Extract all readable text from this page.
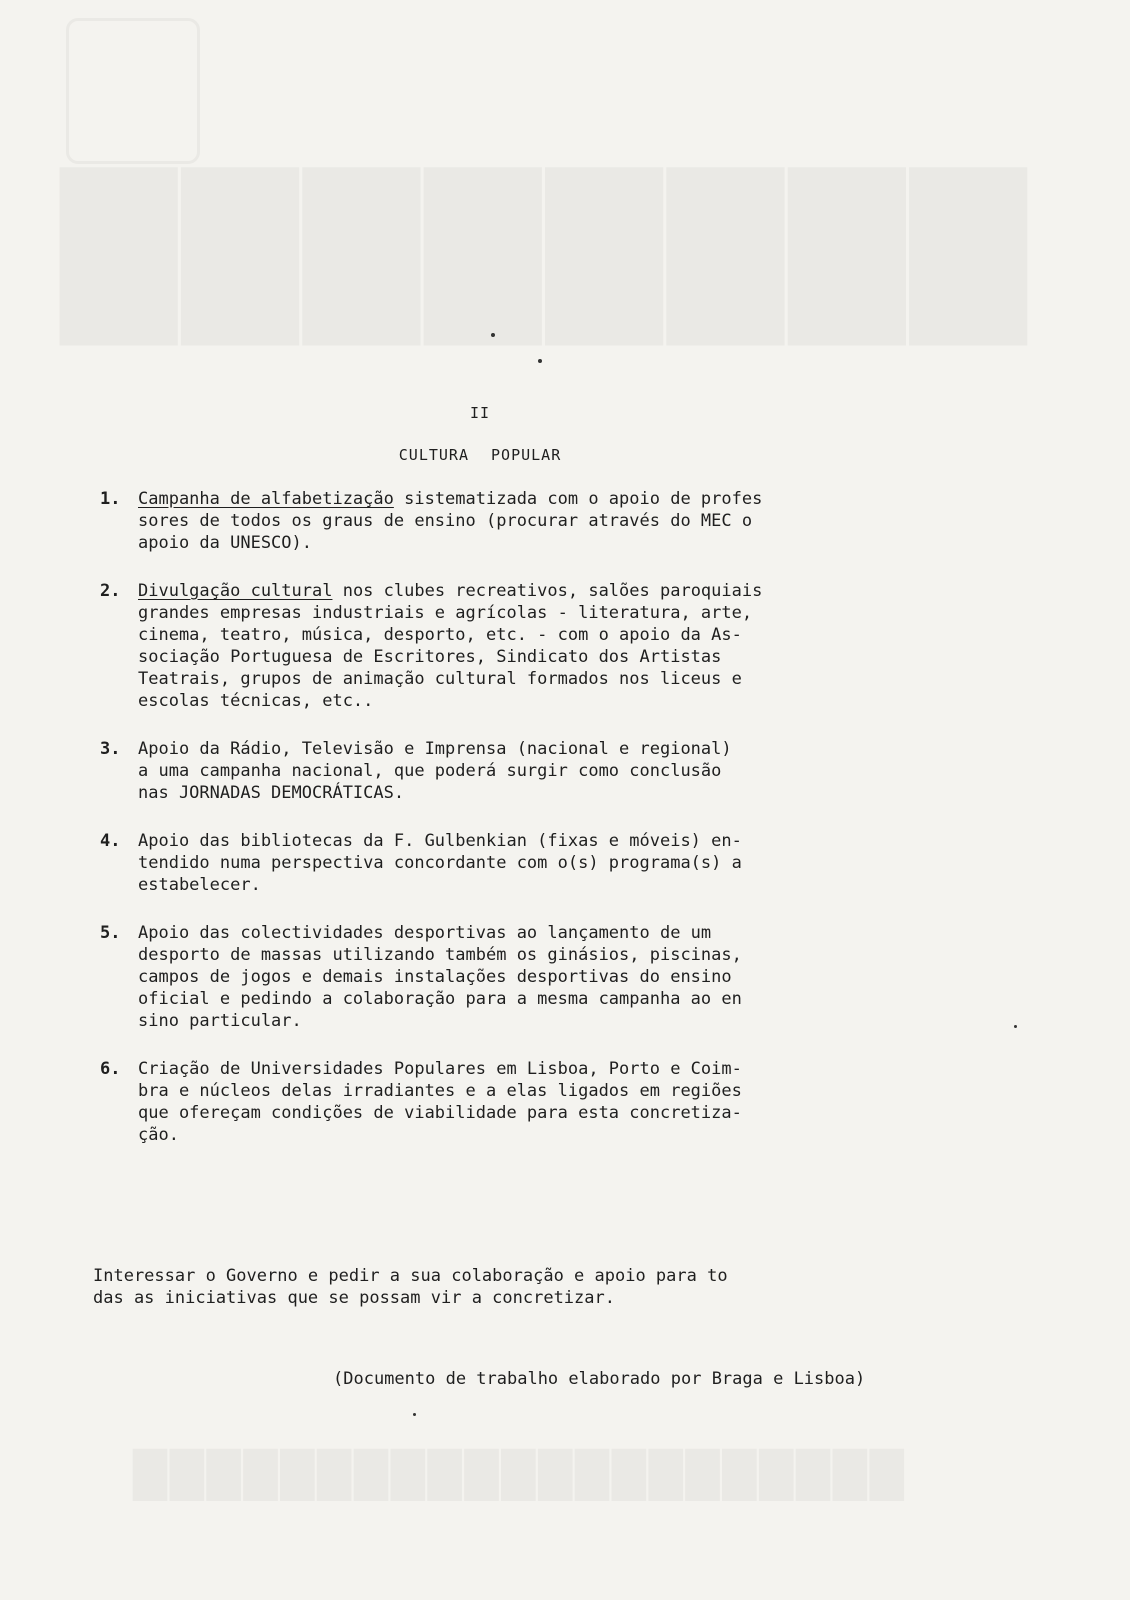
████████
█████████████████████
II
CULTURA POPULAR
1. Campanha de alfabetização sistematizada com o apoio de profes
sores de todos os graus de ensino (procurar através do MEC o
apoio da UNESCO).
2. Divulgação cultural nos clubes recreativos, salões paroquiais
grandes empresas industriais e agrícolas - literatura, arte,
cinema, teatro, música, desporto, etc. - com o apoio da As-
sociação Portuguesa de Escritores, Sindicato dos Artistas
Teatrais, grupos de animação cultural formados nos liceus e
escolas técnicas, etc..
3. Apoio da Rádio, Televisão e Imprensa (nacional e regional)
a uma campanha nacional, que poderá surgir como conclusão
nas JORNADAS DEMOCRÁTICAS.
4. Apoio das bibliotecas da F. Gulbenkian (fixas e móveis) en-
tendido numa perspectiva concordante com o(s) programa(s) a
estabelecer.
5. Apoio das colectividades desportivas ao lançamento de um
desporto de massas utilizando também os ginásios, piscinas,
campos de jogos e demais instalações desportivas do ensino
oficial e pedindo a colaboração para a mesma campanha ao en
sino particular.
6. Criação de Universidades Populares em Lisboa, Porto e Coim-
bra e núcleos delas irradiantes e a elas ligados em regiões
que ofereçam condições de viabilidade para esta concretiza-
ção.
Interessar o Governo e pedir a sua colaboração e apoio para to
das as iniciativas que se possam vir a concretizar.
(Documento de trabalho elaborado por Braga e Lisboa)
